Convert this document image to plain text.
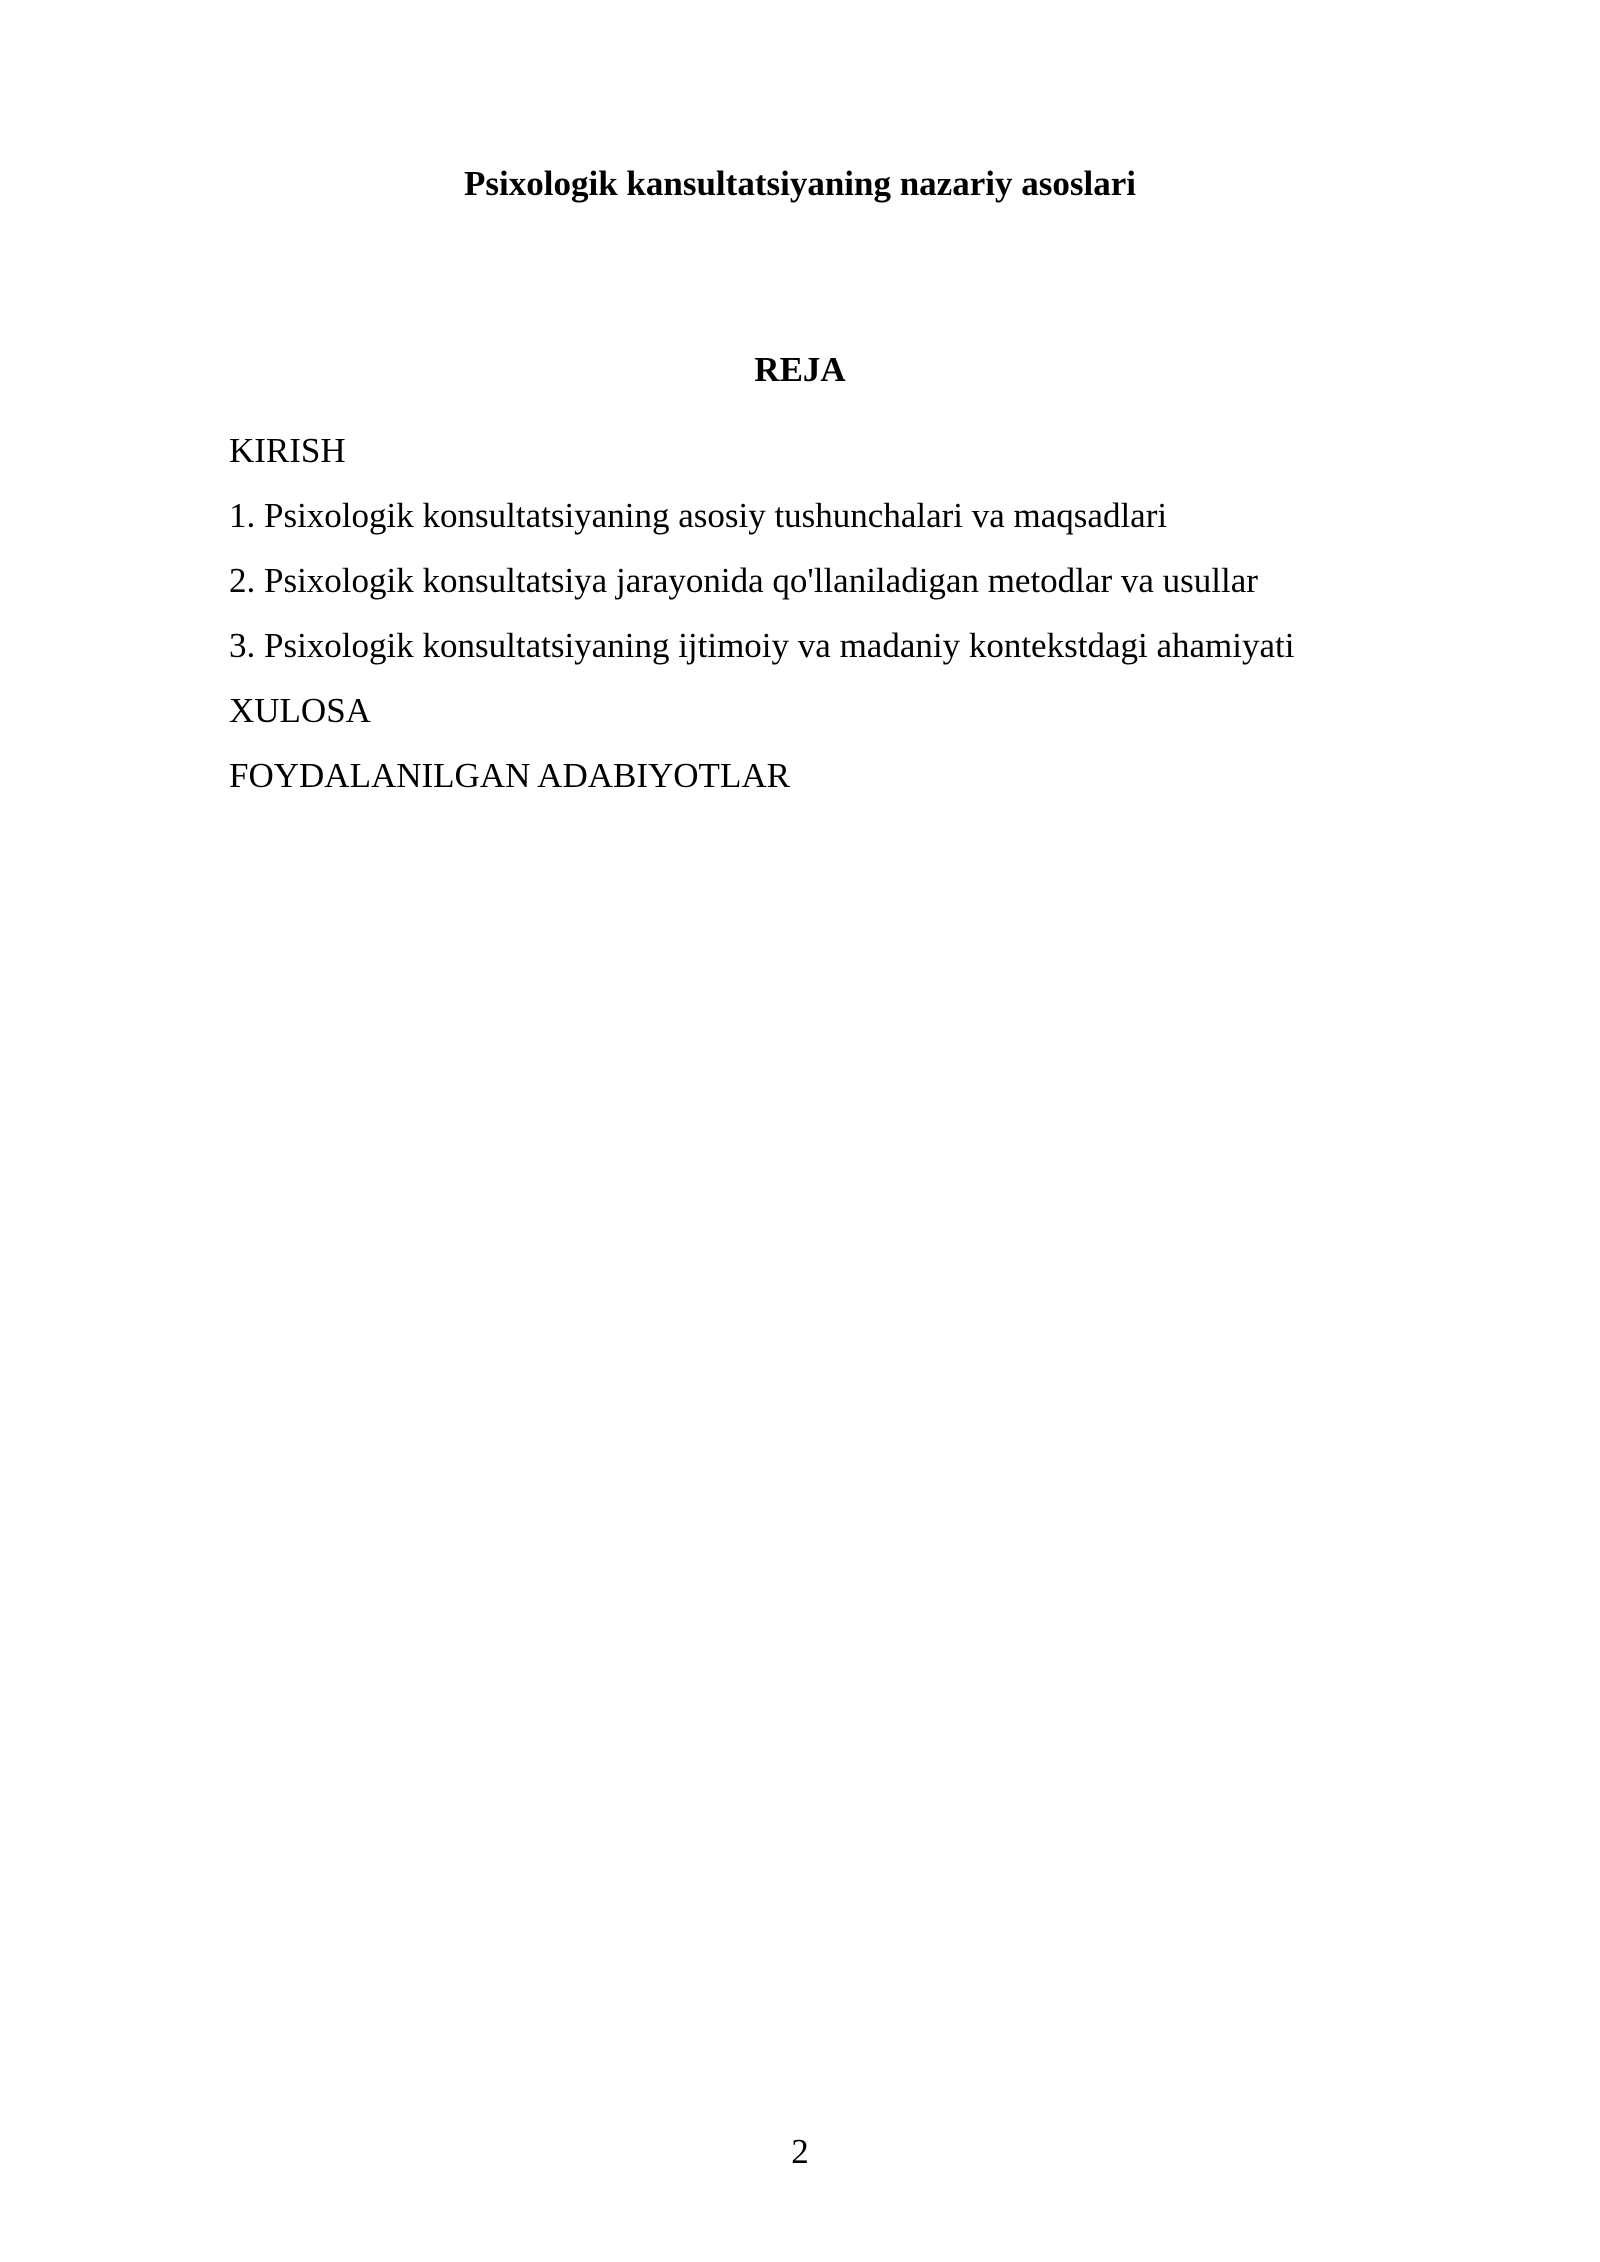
Psixologik kansultatsiyaning nazariy asoslari
REJA
KIRISH
1. Psixologik konsultatsiyaning asosiy tushunchalari va maqsadlari
2. Psixologik konsultatsiya jarayonida qo'llaniladigan metodlar va usullar
3. Psixologik konsultatsiyaning ijtimoiy va madaniy kontekstdagi ahamiyati
XULOSA
FOYDALANILGAN ADABIYOTLAR
2
